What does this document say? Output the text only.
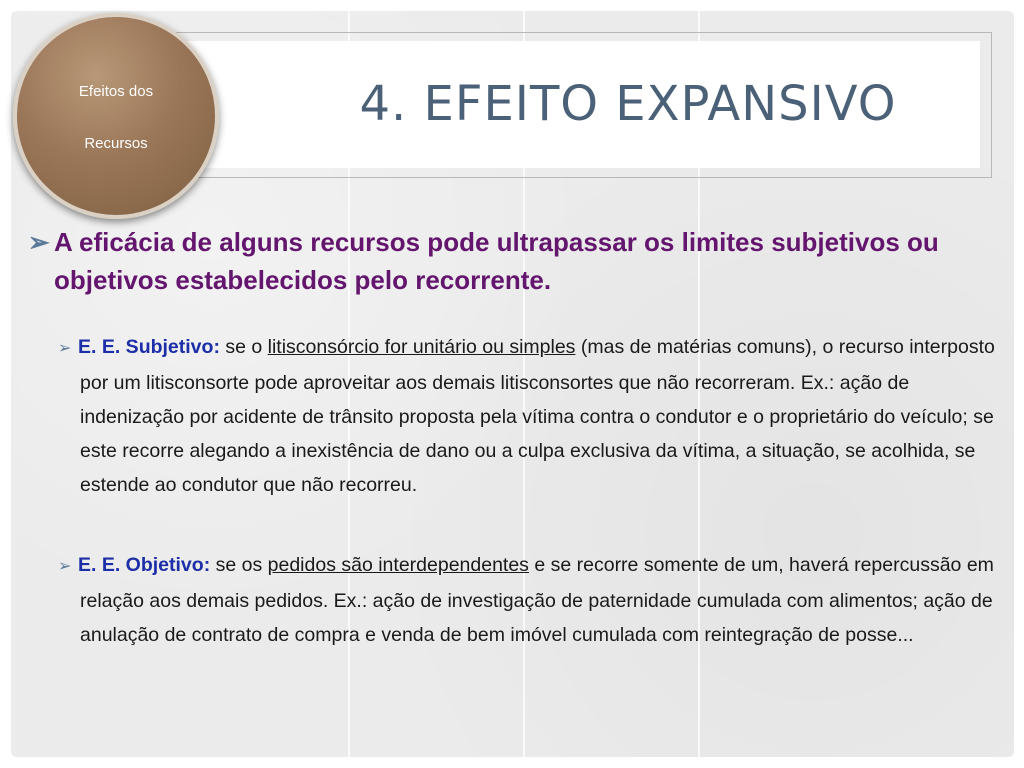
4. EFEITO EXPANSIVO
Efeitos dos
Recursos
➢ A eficácia de alguns recursos pode ultrapassar os limites subjetivos ou objetivos estabelecidos pelo recorrente.
➢ E. E. Subjetivo: se o litisconsórcio for unitário ou simples (mas de matérias comuns), o recurso interposto por um litisconsorte pode aproveitar aos demais litisconsortes que não recorreram. Ex.: ação de indenização por acidente de trânsito proposta pela vítima contra o condutor e o proprietário do veículo; se este recorre alegando a inexistência de dano ou a culpa exclusiva da vítima, a situação, se acolhida, se estende ao condutor que não recorreu.
➢ E. E. Objetivo: se os pedidos são interdependentes e se recorre somente de um, haverá repercussão em relação aos demais pedidos. Ex.: ação de investigação de paternidade cumulada com alimentos; ação de anulação de contrato de compra e venda de bem imóvel cumulada com reintegração de posse...
